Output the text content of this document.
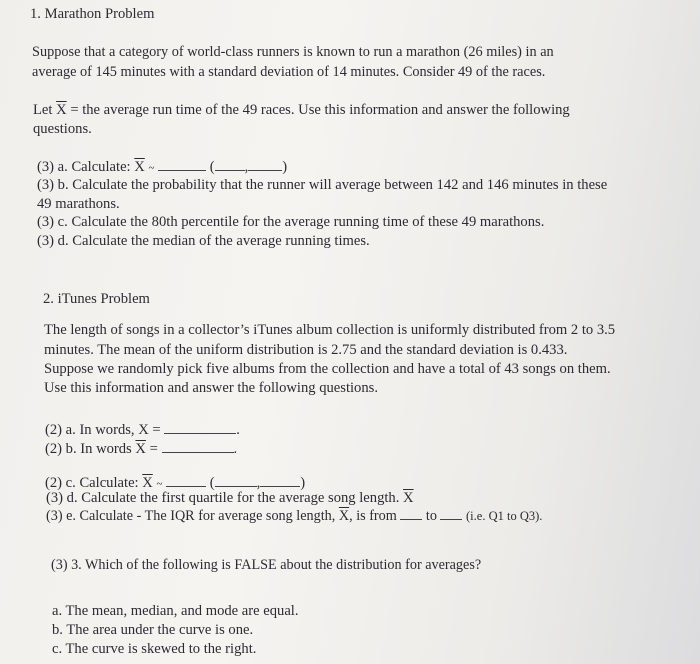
1. Marathon Problem
Suppose that a category of world-class runners is known to run a marathon (26 miles) in an
average of 145 minutes with a standard deviation of 14 minutes. Consider 49 of the races.
Let $\overline{X}$ = the average run time of the 49 races. Use this information and answer the following
questions.
(3) a. Calculate: $\overline{X}$ ~	( , )
(3) b. Calculate the probability that the runner will average between 142 and 146 minutes in these
49 marathons.
(3) c. Calculate the 80th percentile for the average running time of these 49 marathons.
(3) d. Calculate the median of the average running times.
2. iTunes Problem
The length of songs in a collector’s iTunes album collection is uniformly distributed from 2 to 3.5
minutes. The mean of the uniform distribution is 2.75 and the standard deviation is 0.433.
Suppose we randomly pick five albums from the collection and have a total of 43 songs on them.
Use this information and answer the following questions.
(2) a. In words, X =	.
(2) b. In words $\overline{X}$ =	.
(2) c. Calculate: $\overline{X}$ ~	(	,	)
(3) d. Calculate the first quartile for the average song length. $\overline{X}$
(3) e. Calculate - The IQR for average song length, $\overline{X}$, is from to (i.e. Q1 to Q3).
(3) 3. Which of the following is FALSE about the distribution for averages?
a. The mean, median, and mode are equal.
b. The area under the curve is one.
c. The curve is skewed to the right.
